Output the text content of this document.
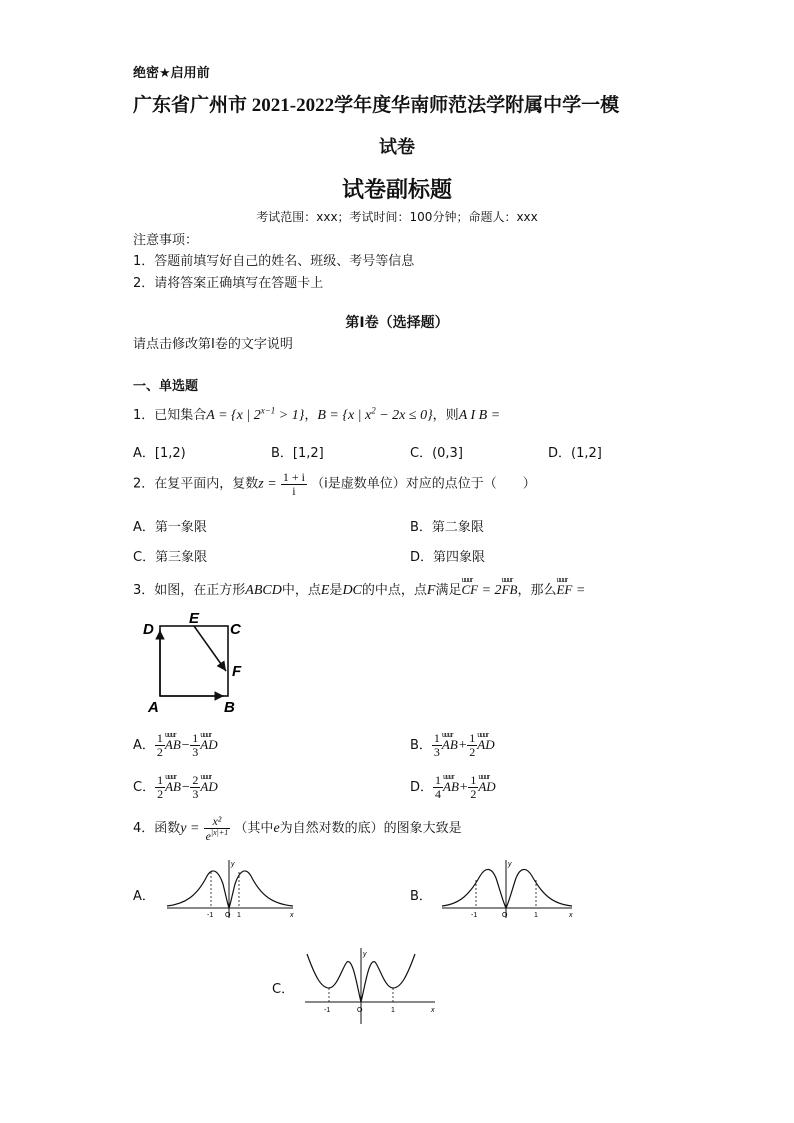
绝密★启用前
广东省广州市 2021-2022学年度华南师范法学附属中学一模
试卷
试卷副标题
考试范围：xxx；考试时间：100分钟；命题人：xxx
注意事项：
1．答题前填写好自己的姓名、班级、考号等信息
2．请将答案正确填写在答题卡上
第I卷（选择题）
请点击修改第I卷的文字说明
一、单选题
1．已知集合A = {x | $2^{x-1} > 1$}，B = {x | $x^2 - 2x \le 0$}，则A I B =
A．[1,2)	B．[1,2]	C．(0,3]	D．(1,2]
2．在复平面内，复数$z = \frac{1 + i}{i} (i$是虚数单位）对应的点位于（　　）
A．第一象限	B．第二象限
C．第三象限	D．第四象限
3．如图，在正方形ABCD中，点E是DC的中点，点F满足
uuur
CF = 2
uuur
FB，那么
uuur
EF =
D
E
C
F
A	B
A． $\frac{1}{2}$ uuur
$AB- \frac{1}{3}$ uuur
AD	B． $\frac{1}{3}$ uuur
$AB+ \frac{1}{2}$ uuur
AD
C． $\frac{1}{2}$ uuur
$AB- \frac{2}{3}$ uuur
AD	D． $\frac{1}{4}$ uuur
$AB+ \frac{1}{2}$ uuur
AD
4．函数$y = \frac{\text{x²}}{e^{|x|+1}}$ （其中e为自然对数的底）的图象大致是
A．
y
x
-1 O 1
B．
y
x
-1	O	1
C．
y
x
-1	O	1
